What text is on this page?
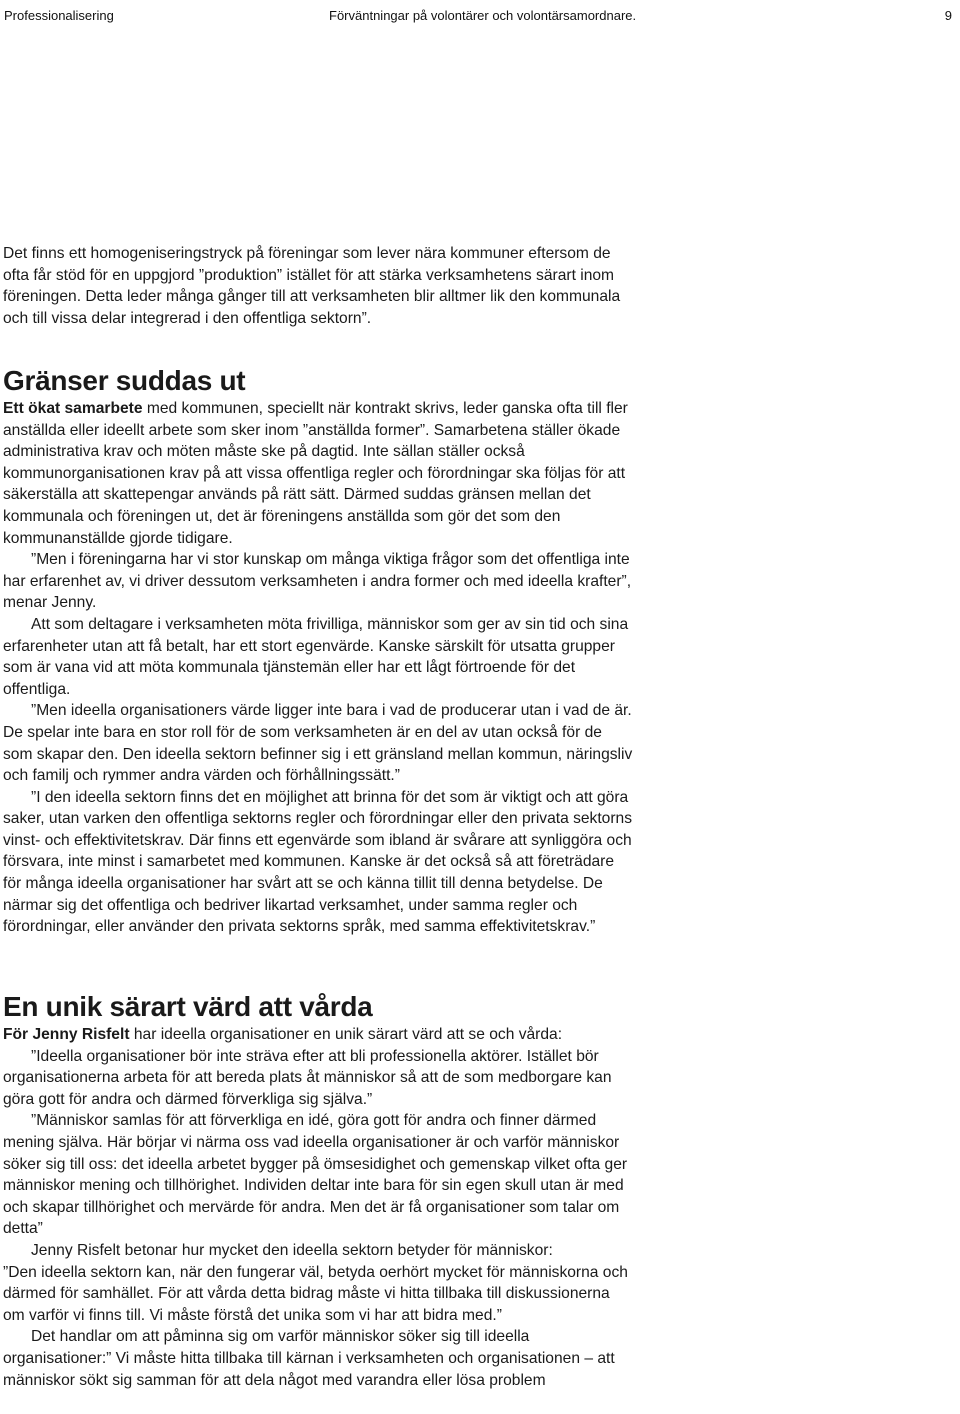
Professionalisering	Förväntningar på volontärer och volontärsamordnare.	9

Det finns ett homogeniseringstryck på föreningar som lever nära kommuner eftersom de ofta får stöd för en uppgjord ”produktion” istället för att stärka verksamhetens särart inom föreningen. Detta leder många gånger till att verksamheten blir alltmer lik den kommunala och till vissa delar integrerad i den offentliga sektorn”.

Gränser suddas ut

Ett ökat samarbete med kommunen, speciellt när kontrakt skrivs, leder ganska ofta till fler anställda eller ideellt arbete som sker inom ”anställda former”. Samarbetena ställer ökade administrativa krav och möten måste ske på dagtid. Inte sällan ställer också kommunorganisationen krav på att vissa offentliga regler och förordningar ska följas för att säkerställa att skattepengar används på rätt sätt. Därmed suddas gränsen mellan det kommunala och föreningen ut, det är föreningens anställda som gör det som den kommunanställde gjorde tidigare.

”Men i föreningarna har vi stor kunskap om många viktiga frågor som det offentliga inte har erfarenhet av, vi driver dessutom verksamheten i andra former och med ideella krafter”, menar Jenny.

Att som deltagare i verksamheten möta frivilliga, människor som ger av sin tid och sina erfarenheter utan att få betalt, har ett stort egenvärde. Kanske särskilt för utsatta grupper som är vana vid att möta kommunala tjänstemän eller har ett lågt förtroende för det offentliga.

”Men ideella organisationers värde ligger inte bara i vad de producerar utan i vad de är. De spelar inte bara en stor roll för de som verksamheten är en del av utan också för de som skapar den. Den ideella sektorn befinner sig i ett gränsland mellan kommun, näringsliv och familj och rymmer andra värden och förhållningssätt.”

”I den ideella sektorn finns det en möjlighet att brinna för det som är viktigt och att göra saker, utan varken den offentliga sektorns regler och förordningar eller den privata sektorns vinst- och effektivitetskrav. Där finns ett egenvärde som ibland är svårare att synliggöra och försvara, inte minst i samarbetet med kommunen. Kanske är det också så att företrädare för många ideella organisationer har svårt att se och känna tillit till denna betydelse. De närmar sig det offentliga och bedriver likartad verksamhet, under samma regler och förordningar, eller använder den privata sektorns språk, med samma effektivitetskrav.”

En unik särart värd att vårda

För Jenny Risfelt har ideella organisationer en unik särart värd att se och vårda:

”Ideella organisationer bör inte sträva efter att bli professionella aktörer. Istället bör organisationerna arbeta för att bereda plats åt människor så att de som medborgare kan göra gott för andra och därmed förverkliga sig själva.”

”Människor samlas för att förverkliga en idé, göra gott för andra och finner därmed mening själva. Här börjar vi närma oss vad ideella organisationer är och varför människor söker sig till oss: det ideella arbetet bygger på ömsesidighet och gemenskap vilket ofta ger människor mening och tillhörighet. Individen deltar inte bara för sin egen skull utan är med och skapar tillhörighet och mervärde för andra. Men det är få organisationer som talar om detta”

Jenny Risfelt betonar hur mycket den ideella sektorn betyder för människor:

”Den ideella sektorn kan, när den fungerar väl, betyda oerhört mycket för människorna och därmed för samhället. För att vårda detta bidrag måste vi hitta tillbaka till diskussionerna om varför vi finns till. Vi måste förstå det unika som vi har att bidra med.”

Det handlar om att påminna sig om varför människor söker sig till ideella organisationer:” Vi måste hitta tillbaka till kärnan i verksamheten och organisationen – att människor sökt sig samman för att dela något med varandra eller lösa problem
